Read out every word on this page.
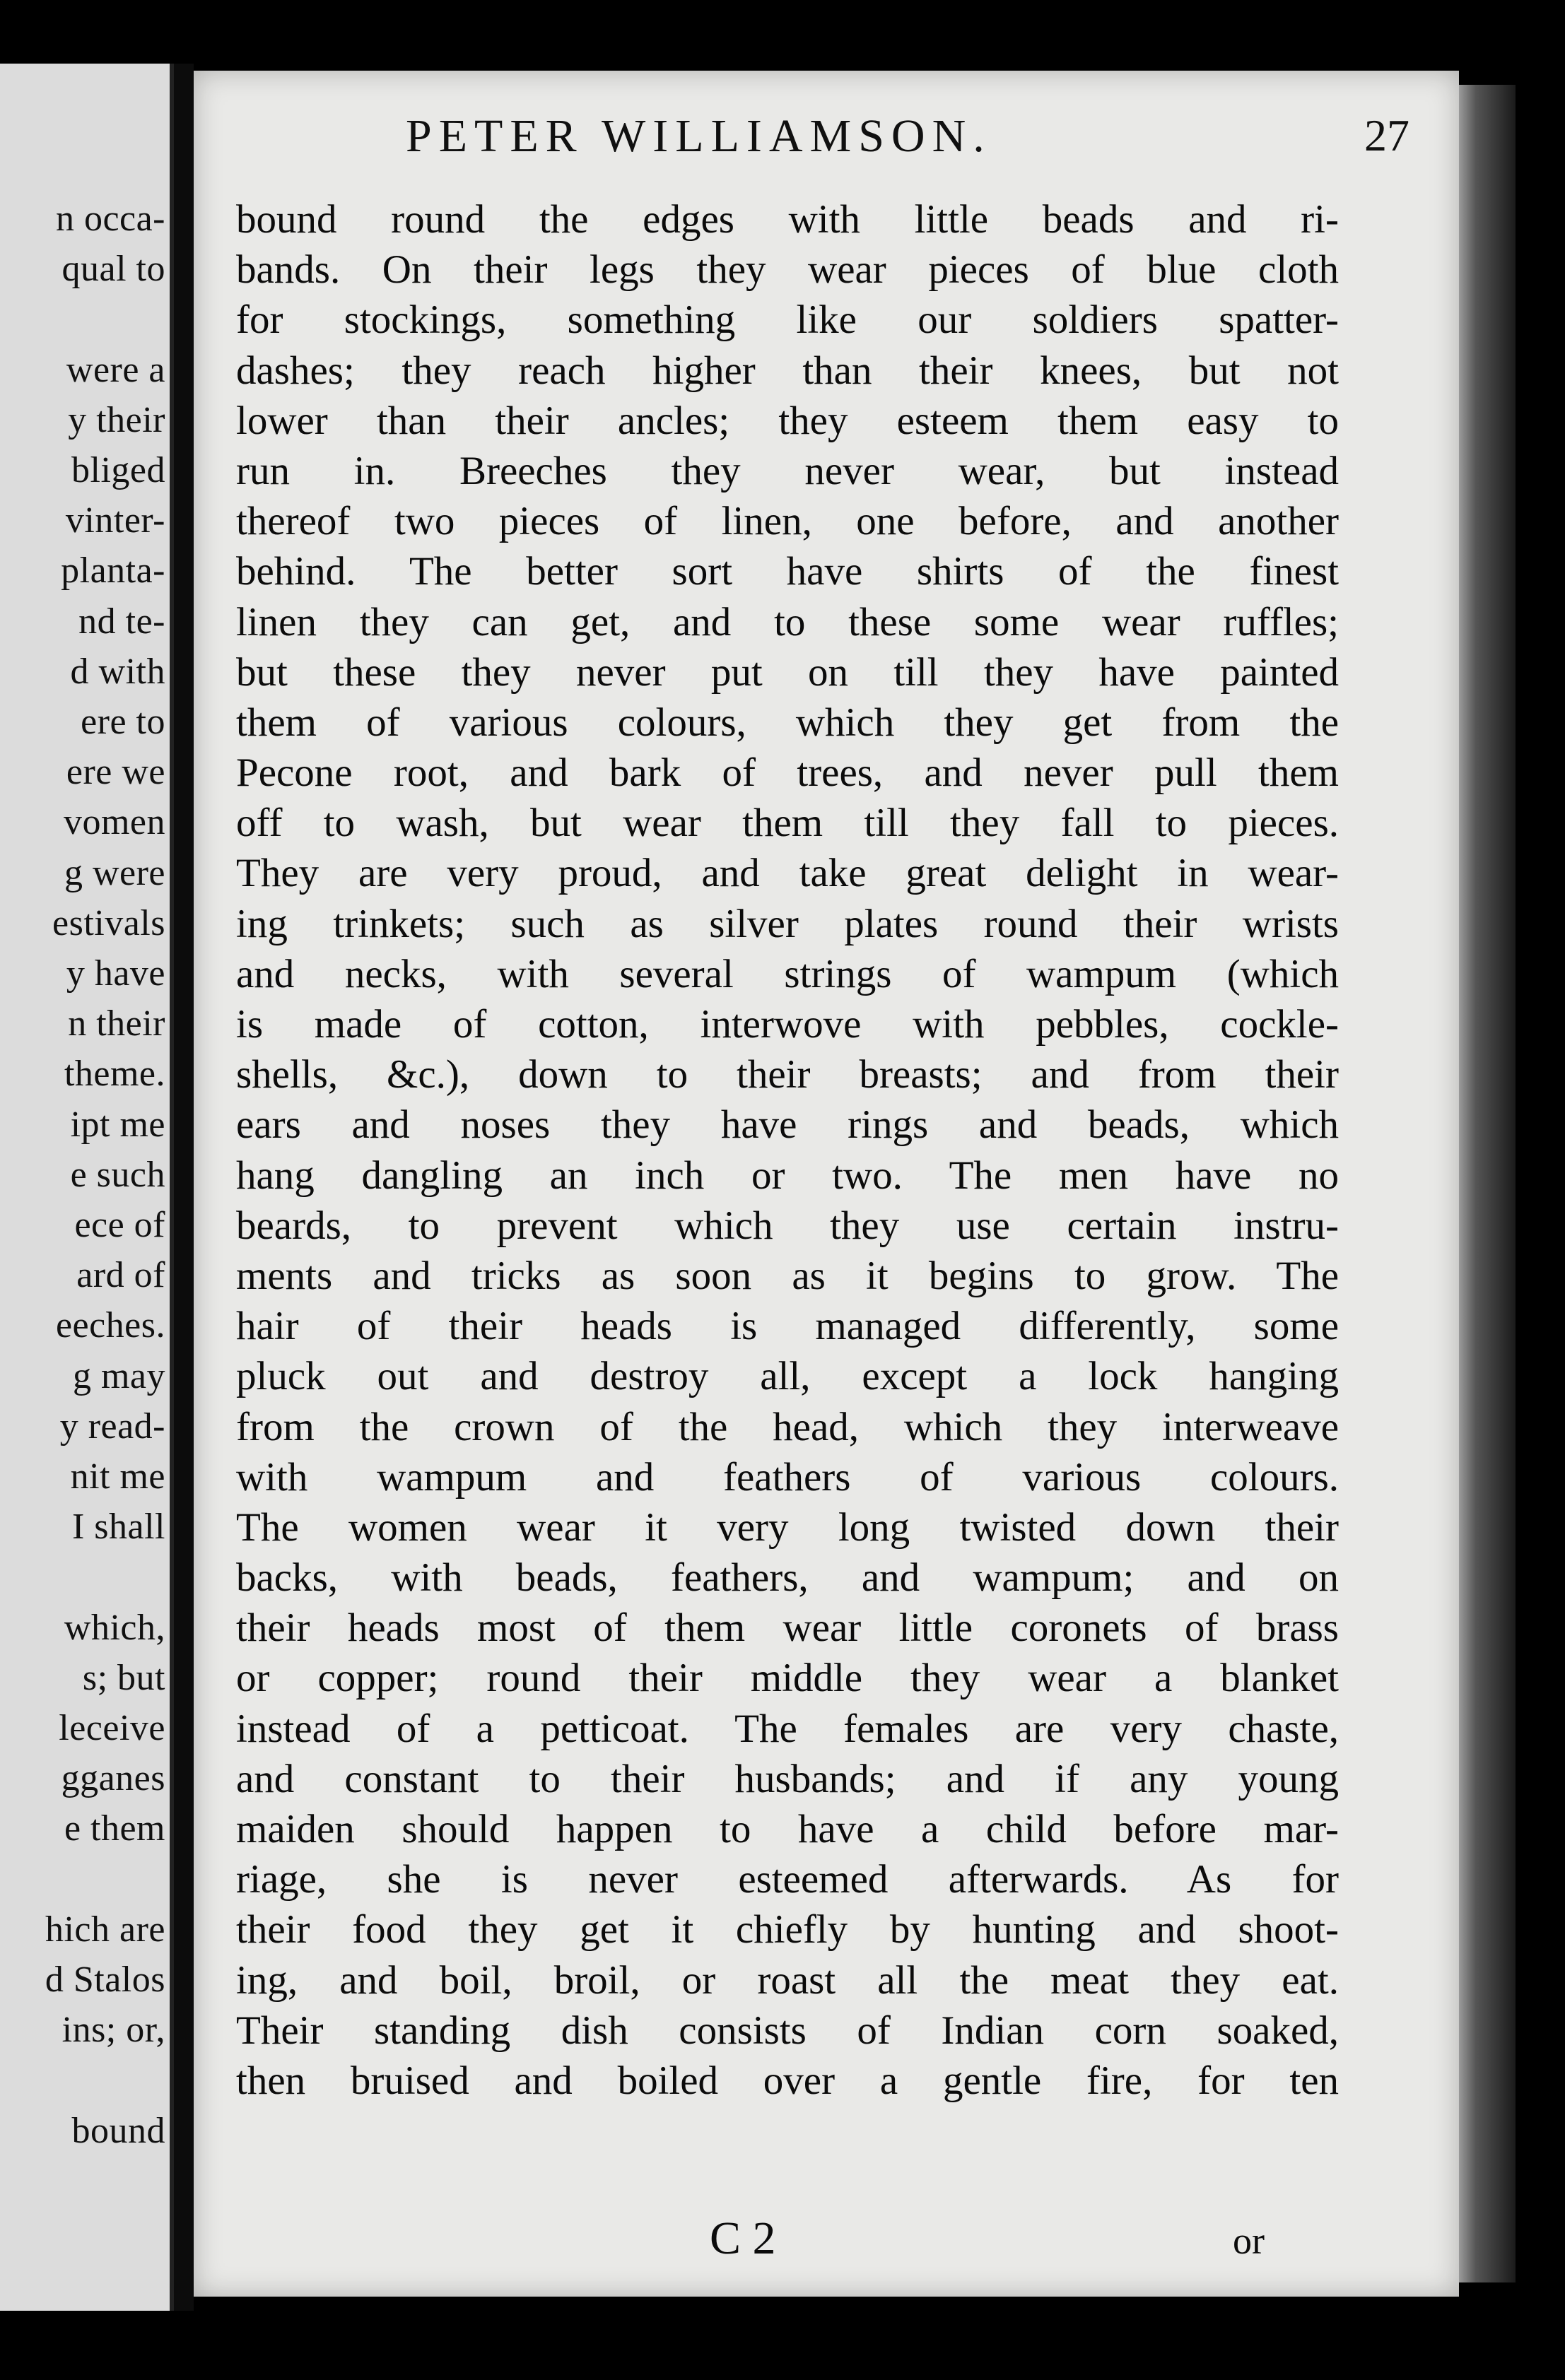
n occa-
qual to
were a
y their
bliged
vinter-
planta-
nd te-
d with
ere to
ere we
vomen
g were
estivals
y have
n their
theme.
ipt me
e such
ece of
ard of
eeches.
g may
y read-
nit me
I shall
which,
s; but
leceive
gganes
e them
hich are
d Stalos
ins; or,
bound
PETER WILLIAMSON.	27
bound round the edges with little beads and ri-
bands. On their legs they wear pieces of blue cloth
for stockings, something like our soldiers spatter-
dashes; they reach higher than their knees, but not
lower than their ancles; they esteem them easy to
run in. Breeches they never wear, but instead
thereof two pieces of linen, one before, and another
behind. The better sort have shirts of the finest
linen they can get, and to these some wear ruffles;
but these they never put on till they have painted
them of various colours, which they get from the
Pecone root, and bark of trees, and never pull them
off to wash, but wear them till they fall to pieces.
They are very proud, and take great delight in wear-
ing trinkets; such as silver plates round their wrists
and necks, with several strings of wampum (which
is made of cotton, interwove with pebbles, cockle-
shells, &c.), down to their breasts; and from their
ears and noses they have rings and beads, which
hang dangling an inch or two. The men have no
beards, to prevent which they use certain instru-
ments and tricks as soon as it begins to grow. The
hair of their heads is managed differently, some
pluck out and destroy all, except a lock hanging
from the crown of the head, which they interweave
with wampum and feathers of various colours.
The women wear it very long twisted down their
backs, with beads, feathers, and wampum; and on
their heads most of them wear little coronets of brass
or copper; round their middle they wear a blanket
instead of a petticoat. The females are very chaste,
and constant to their husbands; and if any young
maiden should happen to have a child before mar-
riage, she is never esteemed afterwards. As for
their food they get it chiefly by hunting and shoot-
ing, and boil, broil, or roast all the meat they eat.
Their standing dish consists of Indian corn soaked,
then bruised and boiled over a gentle fire, for ten
C 2	or
